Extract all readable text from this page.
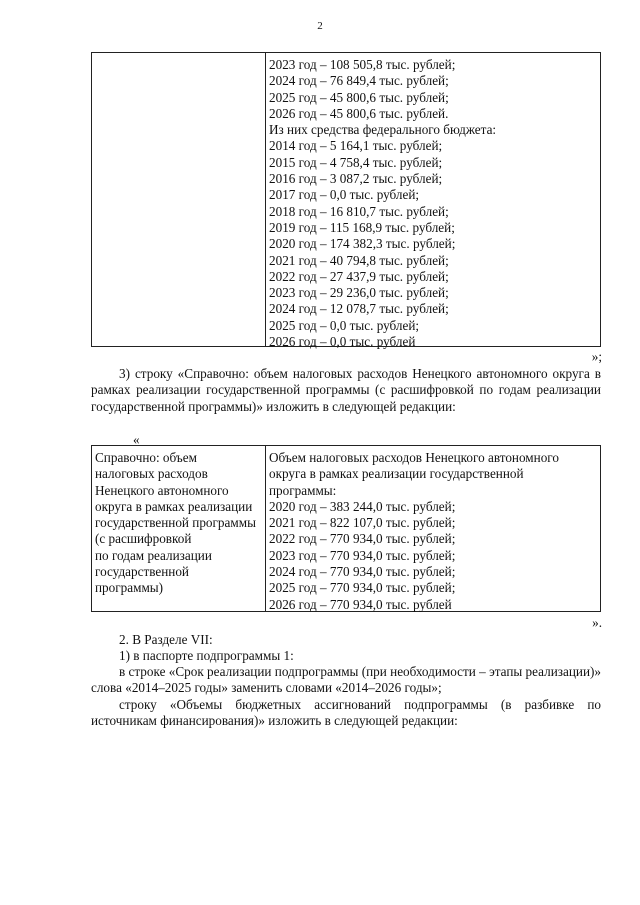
2
2023 год – 108 505,8 тыс. рублей;
2024 год – 76 849,4 тыс. рублей;
2025 год – 45 800,6 тыс. рублей;
2026 год – 45 800,6 тыс. рублей.
Из них средства федерального бюджета:
2014 год – 5 164,1 тыс. рублей;
2015 год – 4 758,4 тыс. рублей;
2016 год – 3 087,2 тыс. рублей;
2017 год – 0,0 тыс. рублей;
2018 год – 16 810,7 тыс. рублей;
2019 год – 115 168,9 тыс. рублей;
2020 год – 174 382,3 тыс. рублей;
2021 год – 40 794,8 тыс. рублей;
2022 год – 27 437,9 тыс. рублей;
2023 год – 29 236,0 тыс. рублей;
2024 год – 12 078,7 тыс. рублей;
2025 год – 0,0 тыс. рублей;
2026 год – 0,0 тыс. рублей
»;
3) строку «Справочно: объем налоговых расходов Ненецкого автономного округа в рамках реализации государственной программы (с расшифровкой по годам реализации государственной программы)» изложить в следующей редакции:
«
Справочно: объем
налоговых расходов
Ненецкого автономного
округа в рамках реализации
государственной программы
(с расшифровкой
по годам реализации
государственной
программы)
Объем налоговых расходов Ненецкого автономного
округа в рамках реализации государственной
программы:
2020 год – 383 244,0 тыс. рублей;
2021 год – 822 107,0 тыс. рублей;
2022 год – 770 934,0 тыс. рублей;
2023 год – 770 934,0 тыс. рублей;
2024 год – 770 934,0 тыс. рублей;
2025 год – 770 934,0 тыс. рублей;
2026 год – 770 934,0 тыс. рублей
».
2. В Разделе VII:
1) в паспорте подпрограммы 1:
в строке «Срок реализации подпрограммы (при необходимости – этапы реализации)» слова «2014–2025 годы» заменить словами «2014–2026 годы»;
строку «Объемы бюджетных ассигнований подпрограммы (в разбивке по источникам финансирования)» изложить в следующей редакции:
